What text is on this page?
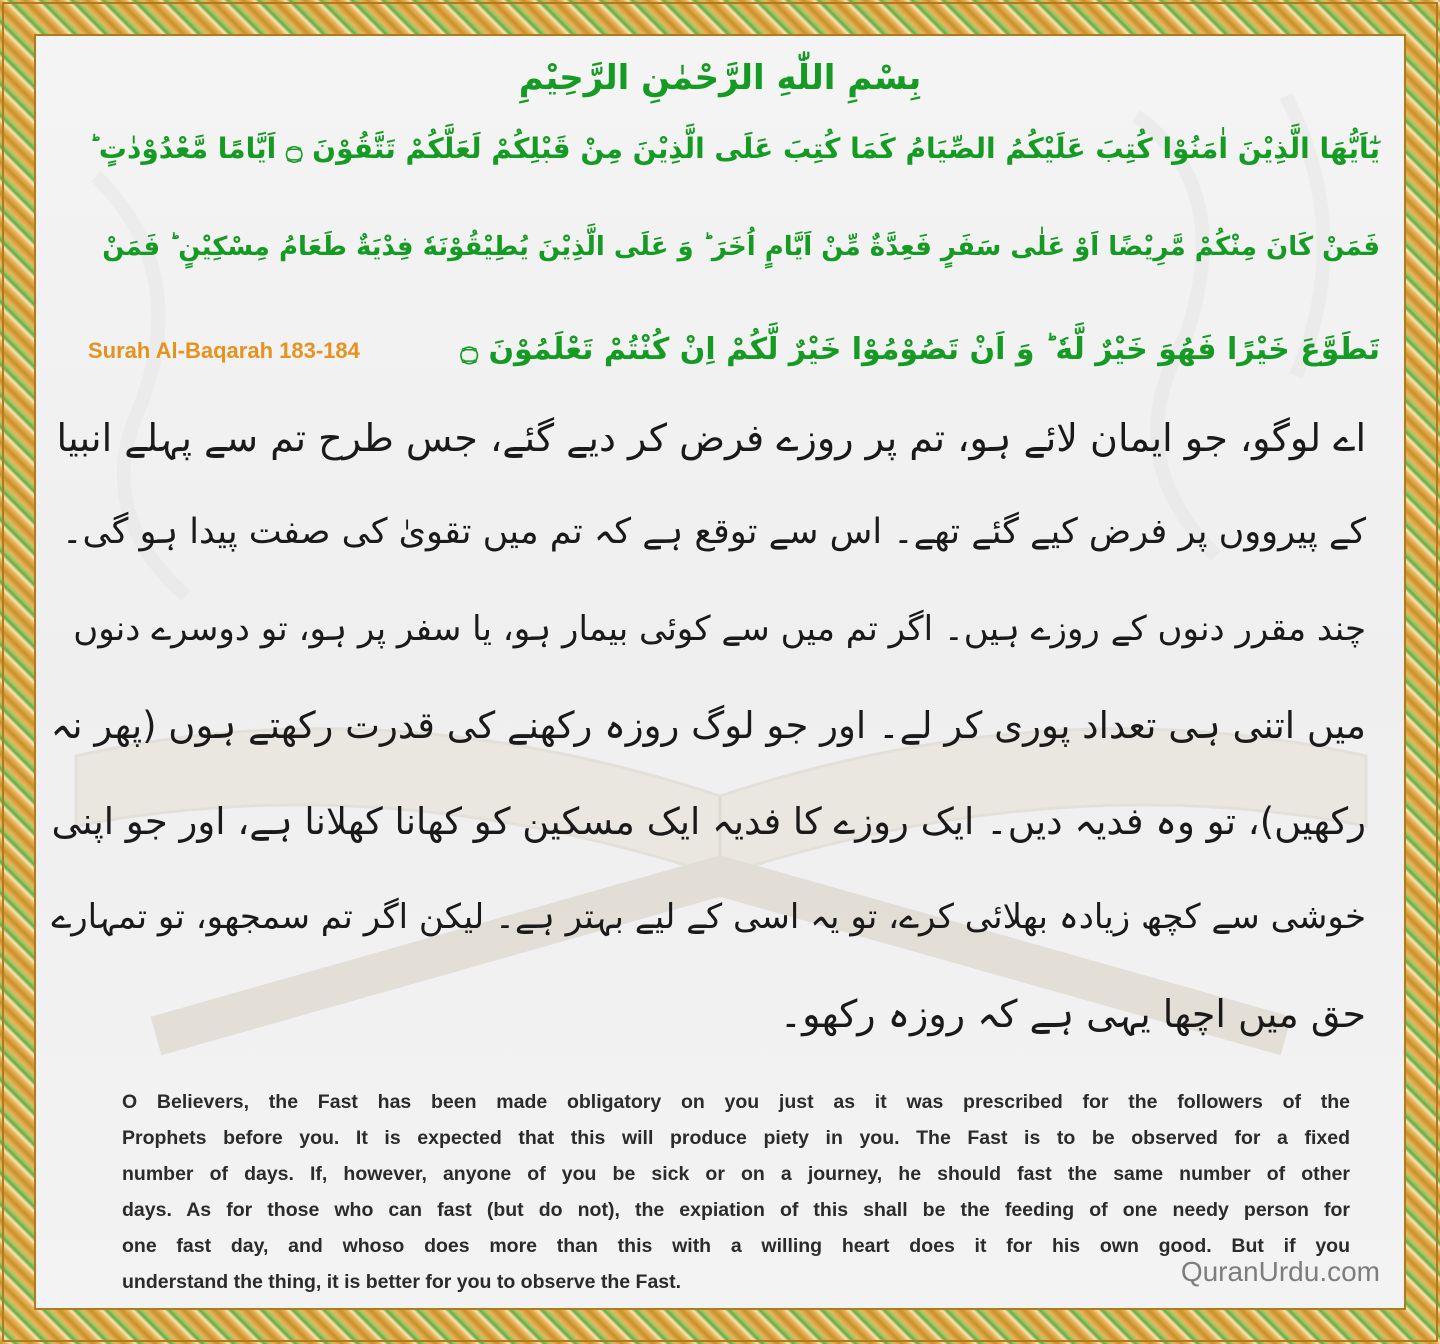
بِسْمِ اللّٰهِ الرَّحْمٰنِ الرَّحِيْمِ
يٰٓاَيُّهَا الَّذِيْنَ اٰمَنُوْا كُتِبَ عَلَيْكُمُ الصِّيَامُ كَمَا كُتِبَ عَلَى الَّذِيْنَ مِنْ قَبْلِكُمْ لَعَلَّكُمْ تَتَّقُوْنَ ۝ اَيَّامًا مَّعْدُوْدٰتٍ ؕ
فَمَنْ كَانَ مِنْكُمْ مَّرِيْضًا اَوْ عَلٰى سَفَرٍ فَعِدَّةٌ مِّنْ اَيَّامٍ اُخَرَ ؕ وَ عَلَى الَّذِيْنَ يُطِيْقُوْنَهٗ فِدْيَةٌ طَعَامُ مِسْكِيْنٍ ؕ فَمَنْ
تَطَوَّعَ خَيْرًا فَهُوَ خَيْرٌ لَّهٗ ؕ وَ اَنْ تَصُوْمُوْا خَيْرٌ لَّكُمْ اِنْ كُنْتُمْ تَعْلَمُوْنَ ۝
Surah Al-Baqarah 183-184
اے لوگو، جو ایمان لائے ہو، تم پر روزے فرض کر دیے گئے، جس طرح تم سے پہلے انبیا
کے پیرووں پر فرض کیے گئے تھے۔ اس سے توقع ہے کہ تم میں تقویٰ کی صفت پیدا ہو گی۔
چند مقرر دنوں کے روزے ہیں۔ اگر تم میں سے کوئی بیمار ہو، یا سفر پر ہو، تو دوسرے دنوں
میں اتنی ہی تعداد پوری کر لے۔ اور جو لوگ روزہ رکھنے کی قدرت رکھتے ہوں (پھر نہ
رکھیں)، تو وہ فدیہ دیں۔ ایک روزے کا فدیہ ایک مسکین کو کھانا کھلانا ہے، اور جو اپنی
خوشی سے کچھ زیادہ بھلائی کرے، تو یہ اسی کے لیے بہتر ہے۔ لیکن اگر تم سمجھو، تو تمہارے
حق میں اچھا یہی ہے کہ روزہ رکھو۔
O Believers, the Fast has been made obligatory on you just as it was prescribed for the followers of the
Prophets before you. It is expected that this will produce piety in you. The Fast is to be observed for a fixed
number of days. If, however, anyone of you be sick or on a journey, he should fast the same number of other
days. As for those who can fast (but do not), the expiation of this shall be the feeding of one needy person for
one fast day, and whoso does more than this with a willing heart does it for his own good. But if you
understand the thing, it is better for you to observe the Fast.	QuranUrdu.com
